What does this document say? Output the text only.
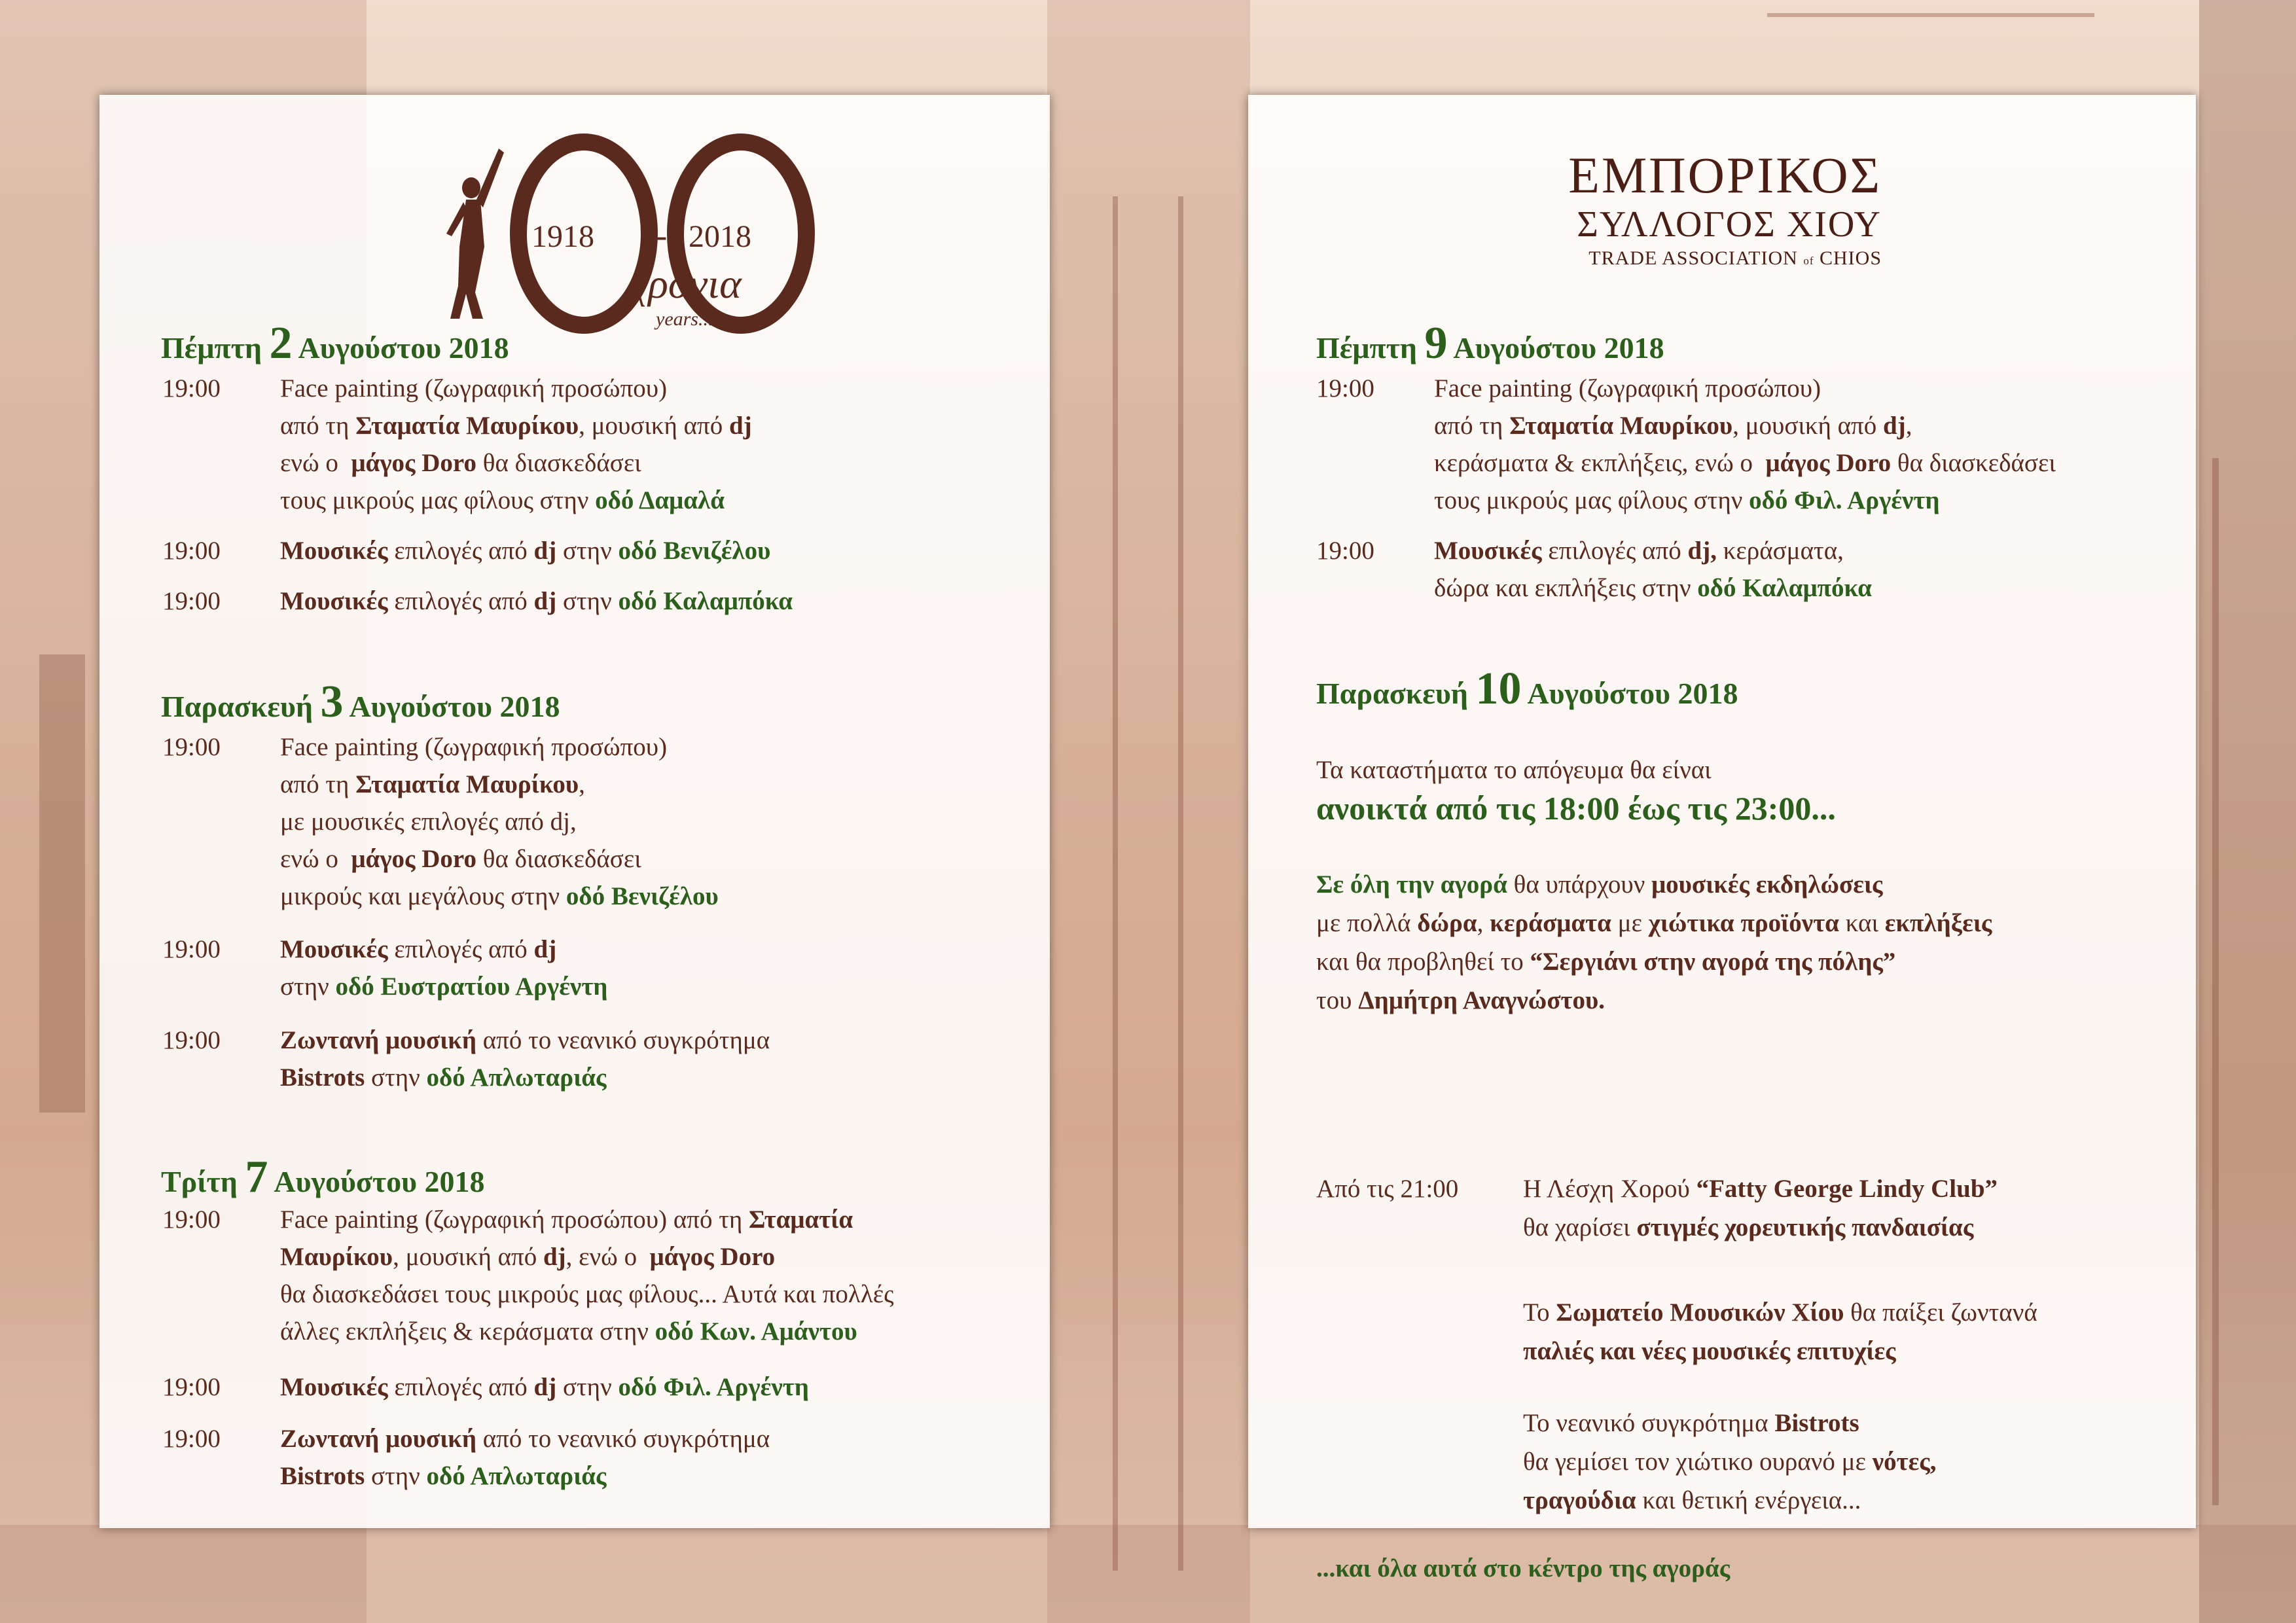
1918 - 2018
χρόνια
years...
Πέμπτη 2 Αυγούστου 2018
19:00 Face painting (ζωγραφική προσώπου)
από τη Σταματία Μαυρίκου, μουσική από dj
ενώ ο  μάγος Doro θα διασκεδάσει
τους μικρούς μας φίλους στην οδό Δαμαλά
19:00 Μουσικές επιλογές από dj στην οδό Βενιζέλου
19:00 Μουσικές επιλογές από dj στην οδό Καλαμπόκα
Παρασκευή 3 Αυγούστου 2018
19:00 Face painting (ζωγραφική προσώπου)
από τη Σταματία Μαυρίκου,
με μουσικές επιλογές από dj,
ενώ ο  μάγος Doro θα διασκεδάσει
μικρούς και μεγάλους στην οδό Βενιζέλου
19:00 Μουσικές επιλογές από dj
στην οδό Ευστρατίου Αργέντη
19:00 Ζωντανή μουσική από το νεανικό συγκρότημα
Bistrots στην οδό Απλωταριάς
Τρίτη 7 Αυγούστου 2018
19:00 Face painting (ζωγραφική προσώπου) από τη Σταματία
Μαυρίκου, μουσική από dj, ενώ ο  μάγος Doro
θα διασκεδάσει τους μικρούς μας φίλους... Αυτά και πολλές
άλλες εκπλήξεις & κεράσματα στην οδό Κων. Αμάντου
19:00 Μουσικές επιλογές από dj στην οδό Φιλ. Αργέντη
19:00 Ζωντανή μουσική από το νεανικό συγκρότημα
Bistrots στην οδό Απλωταριάς
ΕΜΠΟΡΙΚΟΣ
ΣΥΛΛΟΓΟΣ ΧΙΟΥ
TRADE ASSOCIATION of CHIOS
Πέμπτη 9 Αυγούστου 2018
19:00 Face painting (ζωγραφική προσώπου)
από τη Σταματία Μαυρίκου, μουσική από dj,
κεράσματα & εκπλήξεις, ενώ ο  μάγος Doro θα διασκεδάσει
τους μικρούς μας φίλους στην οδό Φιλ. Αργέντη
19:00 Μουσικές επιλογές από dj, κεράσματα,
δώρα και εκπλήξεις στην οδό Καλαμπόκα
Παρασκευή 10 Αυγούστου 2018
Τα καταστήματα το απόγευμα θα είναι
ανοικτά από τις 18:00 έως τις 23:00...
Σε όλη την αγορά θα υπάρχουν μουσικές εκδηλώσεις
με πολλά δώρα, κεράσματα με χιώτικα προϊόντα και εκπλήξεις
και θα προβληθεί το “Σεργιάνι στην αγορά της πόλης”
του Δημήτρη Αναγνώστου.
Από τις 21:00	Η Λέσχη Χορού “Fatty George Lindy Club”
θα χαρίσει στιγμές χορευτικής πανδαισίας
Το Σωματείο Μουσικών Χίου θα παίξει ζωντανά
παλιές και νέες μουσικές επιτυχίες
Το νεανικό συγκρότημα Bistrots
θα γεμίσει τον χιώτικο ουρανό με νότες,
τραγούδια και θετική ενέργεια...
...και όλα αυτά στο κέντρο της αγοράς
